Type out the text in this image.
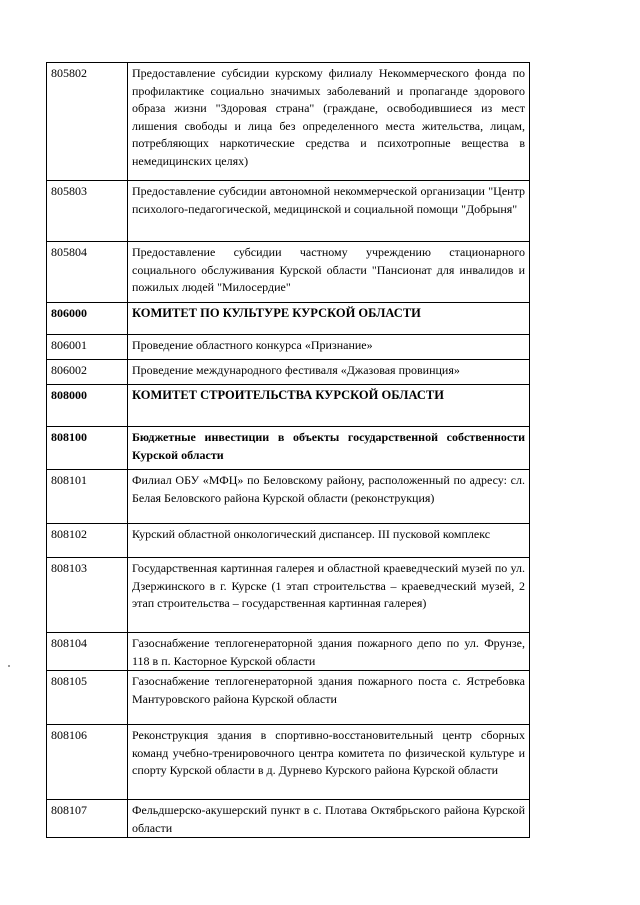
805802	Предоставление субсидии курскому филиалу Некоммерческого фонда по профилактике социально значимых заболеваний и пропаганде здорового образа жизни "Здоровая страна" (граждане, освободившиеся из мест лишения свободы и лица без определенного места жительства, лицам, потребляющих наркотические средства и психотропные вещества в немедицинских целях)
805803	Предоставление субсидии автономной некоммерческой организации "Центр психолого-педагогической, медицинской и социальной помощи "Добрыня"
805804	Предоставление субсидии частному учреждению стационарного социального обслуживания Курской области "Пансионат для инвалидов и пожилых людей "Милосердие"
806000	КОМИТЕТ ПО КУЛЬТУРЕ КУРСКОЙ ОБЛАСТИ
806001	Проведение областного конкурса «Признание»
806002	Проведение международного фестиваля «Джазовая провинция»
808000	КОМИТЕТ СТРОИТЕЛЬСТВА КУРСКОЙ ОБЛАСТИ
808100	Бюджетные инвестиции в объекты государственной собственности Курской области
808101	Филиал ОБУ «МФЦ» по Беловскому району, расположенный по адресу: сл. Белая Беловского района Курской области (реконструкция)
808102	Курский областной онкологический диспансер. III пусковой комплекс
808103	Государственная картинная галерея и областной краеведческий музей по ул. Дзержинского в г. Курске (1 этап строительства – краеведческий музей, 2 этап строительства – государственная картинная галерея)
808104	Газоснабжение теплогенераторной здания пожарного депо по ул. Фрунзе, 118 в п. Касторное Курской области
808105	Газоснабжение теплогенераторной здания пожарного поста с. Ястребовка Мантуровского района Курской области
808106	Реконструкция здания в спортивно-восстановительный центр сборных команд учебно-тренировочного центра комитета по физической культуре и спорту Курской области в д. Дурнево Курского района Курской области
808107	Фельдшерско-акушерский пункт в с. Плотава Октябрьского района Курской области
